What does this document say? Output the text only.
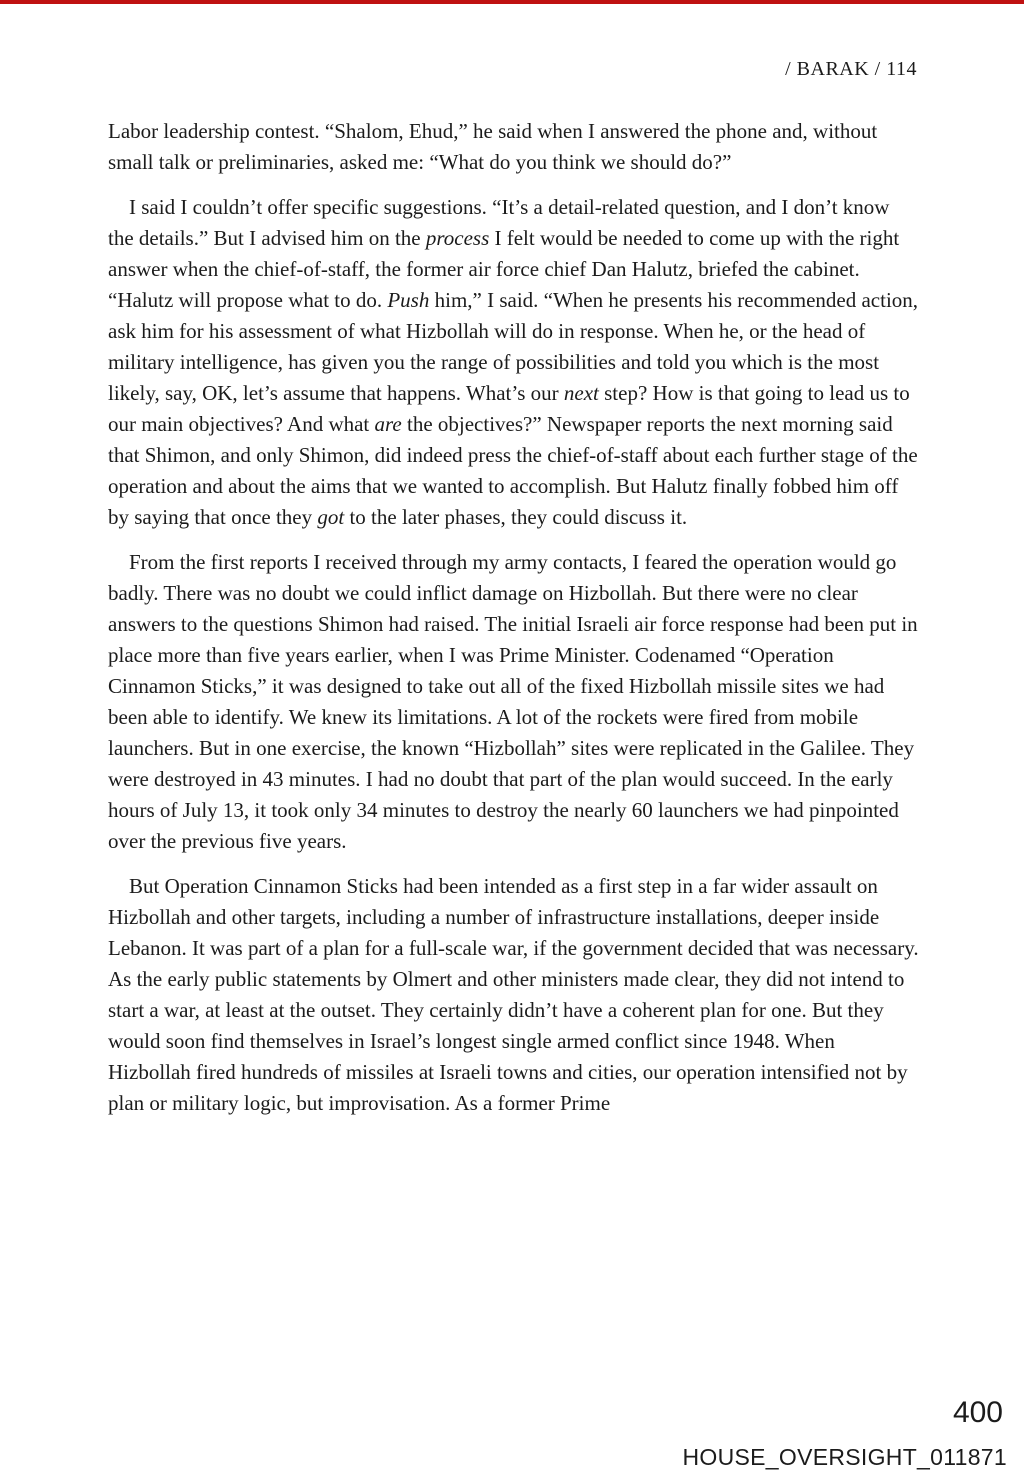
/ BARAK / 114

Labor leadership contest. “Shalom, Ehud,” he said when I answered the phone and, without small talk or preliminaries, asked me: “What do you think we should do?”

I said I couldn’t offer specific suggestions. “It’s a detail-related question, and I don’t know the details.” But I advised him on the process I felt would be needed to come up with the right answer when the chief-of-staff, the former air force chief Dan Halutz, briefed the cabinet. “Halutz will propose what to do. Push him,” I said. “When he presents his recommended action, ask him for his assessment of what Hizbollah will do in response. When he, or the head of military intelligence, has given you the range of possibilities and told you which is the most likely, say, OK, let’s assume that happens. What’s our next step? How is that going to lead us to our main objectives? And what are the objectives?” Newspaper reports the next morning said that Shimon, and only Shimon, did indeed press the chief-of-staff about each further stage of the operation and about the aims that we wanted to accomplish. But Halutz finally fobbed him off by saying that once they got to the later phases, they could discuss it.

From the first reports I received through my army contacts, I feared the operation would go badly. There was no doubt we could inflict damage on Hizbollah. But there were no clear answers to the questions Shimon had raised. The initial Israeli air force response had been put in place more than five years earlier, when I was Prime Minister. Codenamed “Operation Cinnamon Sticks,” it was designed to take out all of the fixed Hizbollah missile sites we had been able to identify. We knew its limitations. A lot of the rockets were fired from mobile launchers. But in one exercise, the known “Hizbollah” sites were replicated in the Galilee. They were destroyed in 43 minutes. I had no doubt that part of the plan would succeed. In the early hours of July 13, it took only 34 minutes to destroy the nearly 60 launchers we had pinpointed over the previous five years.

But Operation Cinnamon Sticks had been intended as a first step in a far wider assault on Hizbollah and other targets, including a number of infrastructure installations, deeper inside Lebanon. It was part of a plan for a full-scale war, if the government decided that was necessary. As the early public statements by Olmert and other ministers made clear, they did not intend to start a war, at least at the outset. They certainly didn’t have a coherent plan for one. But they would soon find themselves in Israel’s longest single armed conflict since 1948. When Hizbollah fired hundreds of missiles at Israeli towns and cities, our operation intensified not by plan or military logic, but improvisation. As a former Prime

400
HOUSE_OVERSIGHT_011871
